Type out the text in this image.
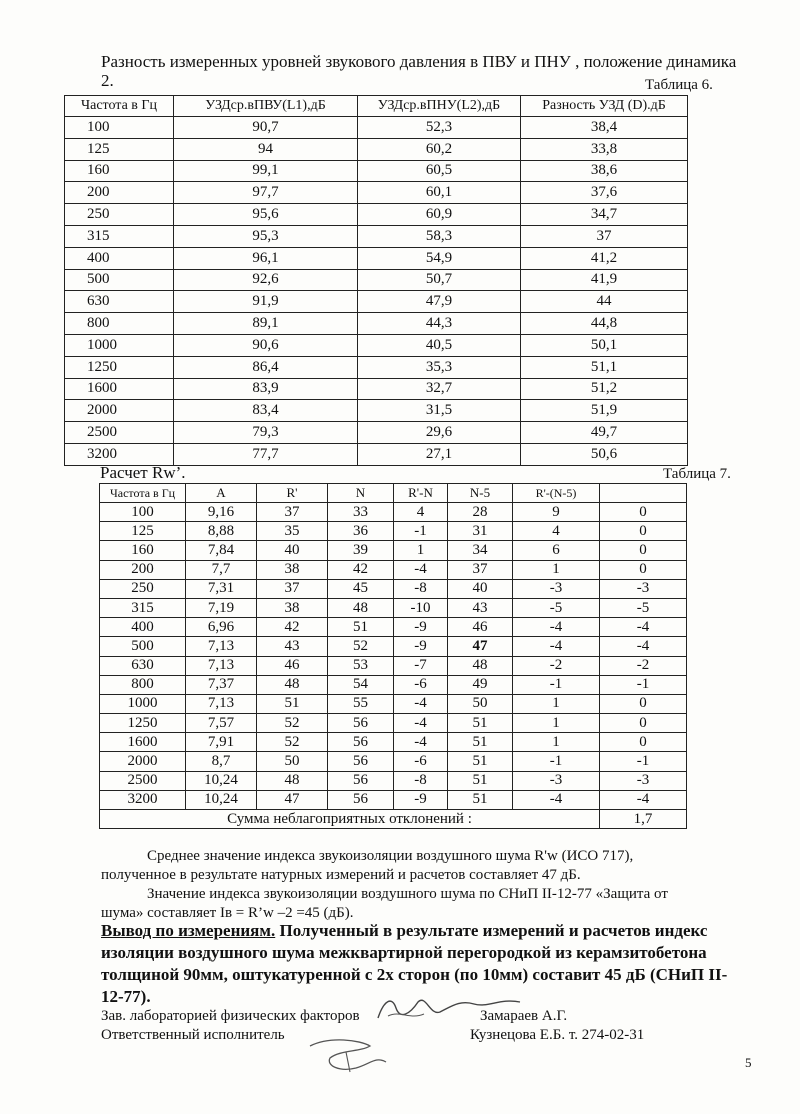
Разность измеренных уровней звукового давления в ПВУ и ПНУ , положение динамика 2.	Таблица 6.
Частота в Гц	УЗДср.вПВУ(L1),дБ	УЗДср.вПНУ(L2),дБ	Разность УЗД (D).дБ
100	90,7	52,3	38,4
125	94	60,2	33,8
160	99,1	60,5	38,6
200	97,7	60,1	37,6
250	95,6	60,9	34,7
315	95,3	58,3	37
400	96,1	54,9	41,2
500	92,6	50,7	41,9
630	91,9	47,9	44
800	89,1	44,3	44,8
1000	90,6	40,5	50,1
1250	86,4	35,3	51,1
1600	83,9	32,7	51,2
2000	83,4	31,5	51,9
2500	79,3	29,6	49,7
3200	77,7	27,1	50,6
Расчет Rw’.	Таблица 7.
Частота в Гц	A	R'	N	R'-N	N-5	R'-(N-5)	
100	9,16	37	33	4	28	9	0
125	8,88	35	36	-1	31	4	0
160	7,84	40	39	1	34	6	0
200	7,7	38	42	-4	37	1	0
250	7,31	37	45	-8	40	-3	-3
315	7,19	38	48	-10	43	-5	-5
400	6,96	42	51	-9	46	-4	-4
500	7,13	43	52	-9	47	-4	-4
630	7,13	46	53	-7	48	-2	-2
800	7,37	48	54	-6	49	-1	-1
1000	7,13	51	55	-4	50	1	0
1250	7,57	52	56	-4	51	1	0
1600	7,91	52	56	-4	51	1	0
2000	8,7	50	56	-6	51	-1	-1
2500	10,24	48	56	-8	51	-3	-3
3200	10,24	47	56	-9	51	-4	-4
Сумма неблагоприятных отклонений :							1,7
Среднее значение индекса звукоизоляции воздушного шума R'w (ИСО 717), полученное в результате натурных измерений и расчетов составляет 47 дБ.
Значение индекса звукоизоляции воздушного шума по СНиП II-12-77 «Защита от шума» составляет Iв = R’w –2 =45 (дБ).
Вывод по измерениям. Полученный в результате измерений и расчетов индекс изоляции воздушного шума межквартирной перегородкой из керамзитобетона толщиной 90мм, оштукатуренной с 2х сторон (по 10мм) составит 45 дБ (СНиП II-12-77).
Зав. лабораторией физических факторов	Замараев А.Г.
Ответственный исполнитель	Кузнецова Е.Б. т. 274-02-31
5
